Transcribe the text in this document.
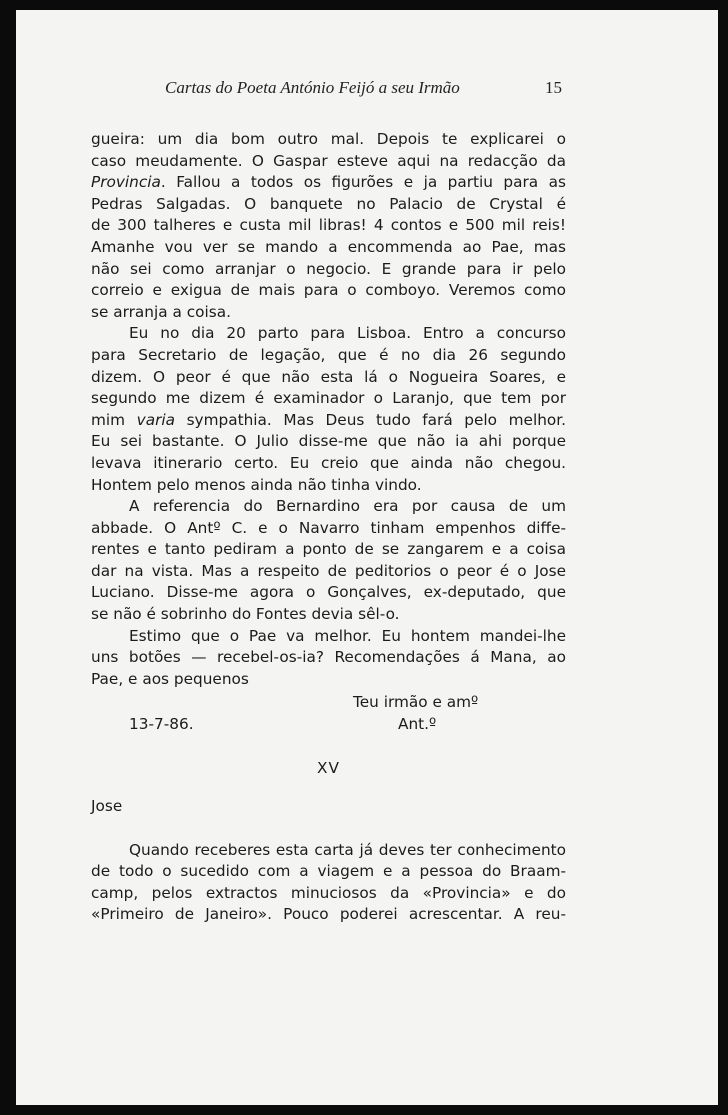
Cartas do Poeta António Feijó a seu Irmão	15
gueira: um dia bom outro mal. Depois te explicarei o
caso meudamente. O Gaspar esteve aqui na redacção da
Provincia. Fallou a todos os figurões e ja partiu para as
Pedras Salgadas. O banquete no Palacio de Crystal é
de 300 talheres e custa mil libras! 4 contos e 500 mil reis!
Amanhe vou ver se mando a encommenda ao Pae, mas
não sei como arranjar o negocio. E grande para ir pelo
correio e exigua de mais para o comboyo. Veremos como
se arranja a coisa.
Eu no dia 20 parto para Lisboa. Entro a concurso
para Secretario de legação, que é no dia 26 segundo
dizem. O peor é que não esta lá o Nogueira Soares, e
segundo me dizem é examinador o Laranjo, que tem por
mim varia sympathia. Mas Deus tudo fará pelo melhor.
Eu sei bastante. O Julio disse-me que não ia ahi porque
levava itinerario certo. Eu creio que ainda não chegou.
Hontem pelo menos ainda não tinha vindo.
A referencia do Bernardino era por causa de um
abbade. O Antº C. e o Navarro tinham empenhos diffe-
rentes e tanto pediram a ponto de se zangarem e a coisa
dar na vista. Mas a respeito de peditorios o peor é o Jose
Luciano. Disse-me agora o Gonçalves, ex-deputado, que
se não é sobrinho do Fontes devia sêl-o.
Estimo que o Pae va melhor. Eu hontem mandei-lhe
uns botões — recebel-os-ia? Recomendações á Mana, ao
Pae, e aos pequenos
Teu irmão e amº
13-7-86.	Ant.º
XV
Jose
Quando receberes esta carta já deves ter conhecimento
de todo o sucedido com a viagem e a pessoa do Braam-
camp, pelos extractos minuciosos da «Provincia» e do
«Primeiro de Janeiro». Pouco poderei acrescentar. A reu-
